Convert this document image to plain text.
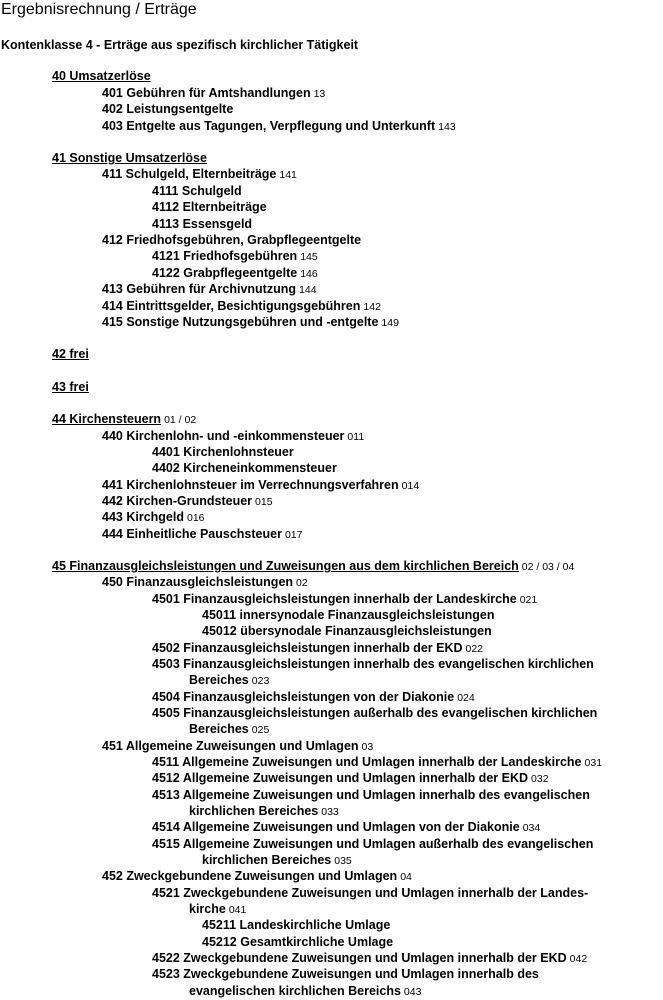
Ergebnisrechnung / Erträge
Kontenklasse 4 - Erträge aus spezifisch kirchlicher Tätigkeit
40 Umsatzerlöse
401 Gebühren für Amtshandlungen 13
402 Leistungsentgelte
403 Entgelte aus Tagungen, Verpflegung und Unterkunft 143
41 Sonstige Umsatzerlöse
411 Schulgeld, Elternbeiträge 141
4111 Schulgeld
4112 Elternbeiträge
4113 Essensgeld
412 Friedhofsgebühren, Grabpflegeentgelte
4121 Friedhofsgebühren 145
4122 Grabpflegeentgelte 146
413 Gebühren für Archivnutzung 144
414 Eintrittsgelder, Besichtigungsgebühren 142
415 Sonstige Nutzungsgebühren und -entgelte 149
42 frei
43 frei
44 Kirchensteuern 01 / 02
440 Kirchenlohn- und -einkommensteuer 011
4401 Kirchenlohnsteuer
4402 Kircheneinkommensteuer
441 Kirchenlohnsteuer im Verrechnungsverfahren 014
442 Kirchen-Grundsteuer 015
443 Kirchgeld 016
444 Einheitliche Pauschsteuer 017
45 Finanzausgleichsleistungen und Zuweisungen aus dem kirchlichen Bereich 02 / 03 / 04
450 Finanzausgleichsleistungen 02
4501 Finanzausgleichsleistungen innerhalb der Landeskirche 021
45011 innersynodale Finanzausgleichsleistungen
45012 übersynodale Finanzausgleichsleistungen
4502 Finanzausgleichsleistungen innerhalb der EKD 022
4503 Finanzausgleichsleistungen innerhalb des evangelischen kirchlichen
Bereiches 023
4504 Finanzausgleichsleistungen von der Diakonie 024
4505 Finanzausgleichsleistungen außerhalb des evangelischen kirchlichen
Bereiches 025
451 Allgemeine Zuweisungen und Umlagen 03
4511 Allgemeine Zuweisungen und Umlagen innerhalb der Landeskirche 031
4512 Allgemeine Zuweisungen und Umlagen innerhalb der EKD 032
4513 Allgemeine Zuweisungen und Umlagen innerhalb des evangelischen
kirchlichen Bereiches 033
4514 Allgemeine Zuweisungen und Umlagen von der Diakonie 034
4515 Allgemeine Zuweisungen und Umlagen außerhalb des evangelischen
kirchlichen Bereiches 035
452 Zweckgebundene Zuweisungen und Umlagen 04
4521 Zweckgebundene Zuweisungen und Umlagen innerhalb der Landes-
kirche 041
45211 Landeskirchliche Umlage
45212 Gesamtkirchliche Umlage
4522 Zweckgebundene Zuweisungen und Umlagen innerhalb der EKD 042
4523 Zweckgebundene Zuweisungen und Umlagen innerhalb des
evangelischen kirchlichen Bereichs 043
